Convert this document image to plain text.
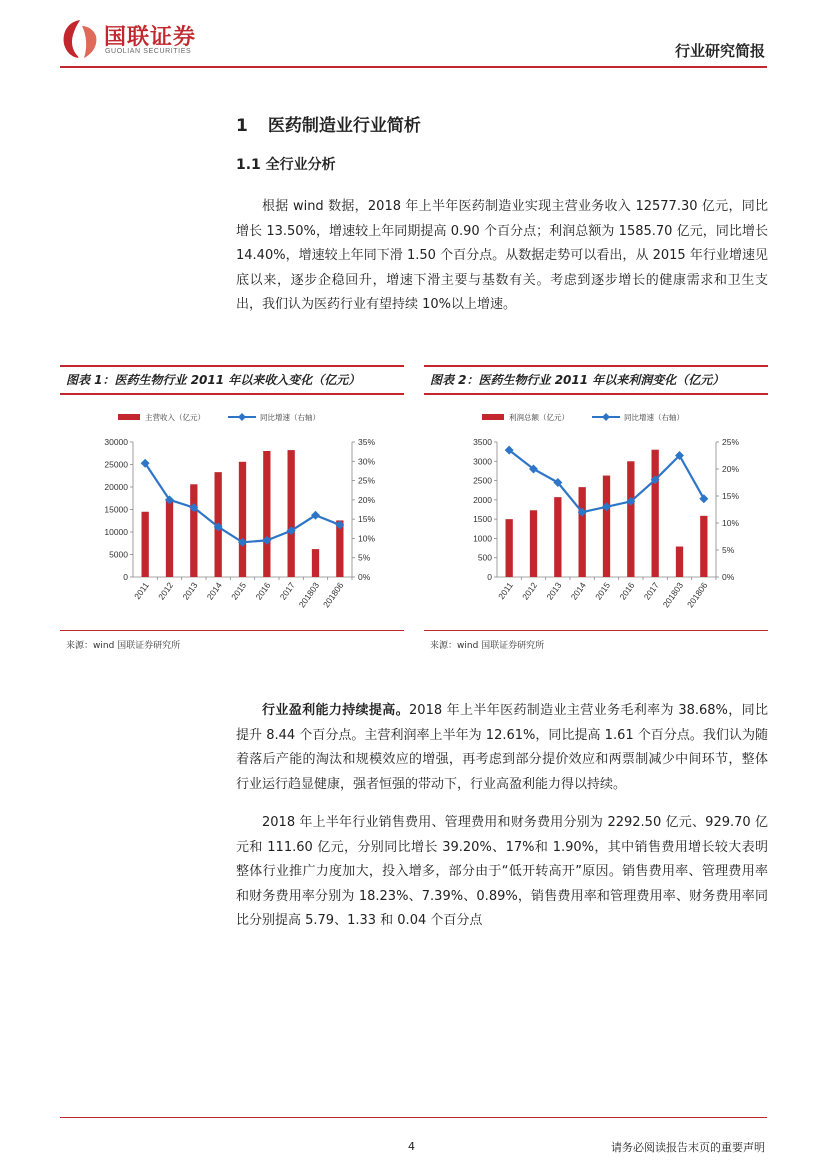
国联证券
GUOLIAN SECURITIES	行业研究简报
1 医药制造业行业简析
1.1 全行业分析
根据 wind 数据，2018 年上半年医药制造业实现主营业务收入 12577.30 亿元，同比增长 13.50%，增速较上年同期提高 0.90 个百分点；利润总额为 1585.70 亿元，同比增长 14.40%，增速较上年同下滑 1.50 个百分点。从数据走势可以看出，从 2015 年行业增速见底以来，逐步企稳回升，增速下滑主要与基数有关。考虑到逐步增长的健康需求和卫生支出，我们认为医药行业有望持续 10%以上增速。
图表 1：医药生物行业 2011 年以来收入变化（亿元）
主营收入（亿元）	同比增速（右轴）
0
5000
10000
15000
20000
25000
30000
0%
5%
10%
15%
20%
25%
30%
35%
2011 2012 2013 2014 2015 2016 2017 201803 201806
来源：wind 国联证券研究所
图表 2：医药生物行业 2011 年以来利润变化（亿元）
利润总额（亿元）	同比增速（右轴）
0
500
1000
1500
2000
2500
3000
3500
0%
5%
10%
15%
20%
25%
2011 2012 2013 2014 2015 2016 2017 201803 201806
来源：wind 国联证券研究所
行业盈利能力持续提高。2018 年上半年医药制造业主营业务毛利率为 38.68%，同比提升 8.44 个百分点。主营利润率上半年为 12.61%，同比提高 1.61 个百分点。我们认为随着落后产能的淘汰和规模效应的增强，再考虑到部分提价效应和两票制减少中间环节，整体行业运行趋显健康，强者恒强的带动下，行业高盈利能力得以持续。
2018 年上半年行业销售费用、管理费用和财务费用分别为 2292.50 亿元、929.70 亿元和 111.60 亿元，分别同比增长 39.20%、17%和 1.90%，其中销售费用增长较大表明整体行业推广力度加大，投入增多，部分由于“低开转高开”原因。销售费用率、管理费用率和财务费用率分别为 18.23%、7.39%、0.89%，销售费用率和管理费用率、财务费用率同比分别提高 5.79、1.33 和 0.04 个百分点
4	请务必阅读报告末页的重要声明
